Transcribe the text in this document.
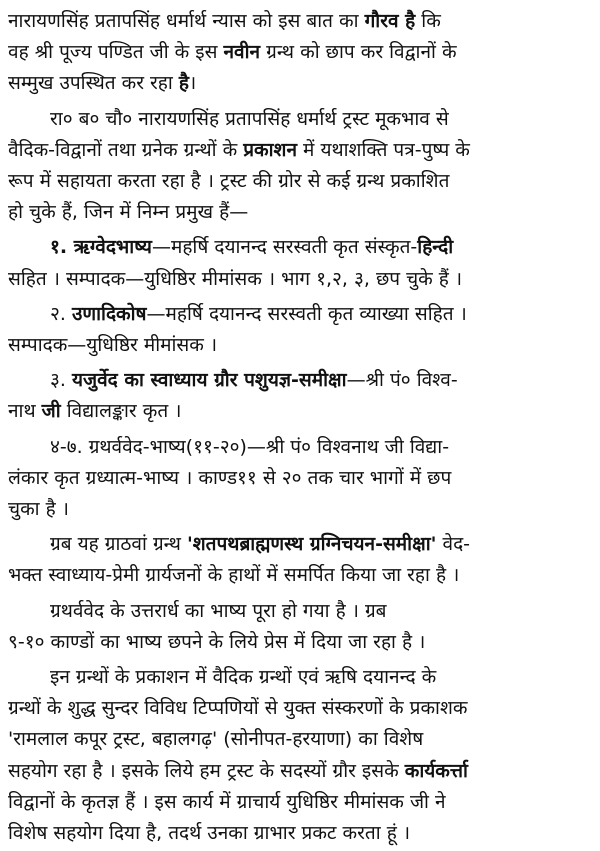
नारायणसिंह प्रतापसिंह धर्मार्थ न्यास को इस बात का गौरव है कि
वह श्री पूज्य पण्डित जी के इस नवीन ग्रन्थ को छाप कर विद्वानों के
सम्मुख उपस्थित कर रहा है।
रा० ब० चौ० नारायणसिंह प्रतापसिंह धर्मार्थ ट्रस्ट मूकभाव से
वैदिक-विद्वानों तथा ग्रनेक ग्रन्थों के प्रकाशन में यथाशक्ति पत्र-पुष्प के
रूप में सहायता करता रहा है । ट्रस्ट की ग्रोर से कई ग्रन्थ प्रकाशित
हो चुके हैं, जिन में निम्न प्रमुख हैं—
१. ऋग्वेदभाष्य—महर्षि दयानन्द सरस्वती कृत संस्कृत-हिन्दी
सहित । सम्पादक—युधिष्ठिर मीमांसक । भाग १,२, ३, छप चुके हैं ।
२. उणादिकोष—महर्षि दयानन्द सरस्वती कृत व्याख्या सहित ।
सम्पादक—युधिष्ठिर मीमांसक ।
३. यजुर्वेद का स्वाध्याय ग्रौर पशुयज्ञ-समीक्षा—श्री पं० विश्व-
नाथ जी विद्यालङ्कार कृत ।
४-७. ग्रथर्ववेद-भाष्य(११-२०)—श्री पं० विश्वनाथ जी विद्या-
लंकार कृत ग्रध्यात्म-भाष्य । काण्ड११ से २० तक चार भागों में छप
चुका है ।
ग्रब यह ग्राठवां ग्रन्थ 'शतपथब्राह्मणस्थ ग्रग्निचयन-समीक्षा' वेद-
भक्त स्वाध्याय-प्रेमी ग्रार्यजनों के हाथों में समर्पित किया जा रहा है ।
ग्रथर्ववेद के उत्तरार्ध का भाष्य पूरा हो गया है । ग्रब
९-१० काण्डों का भाष्य छपने के लिये प्रेस में दिया जा रहा है ।
इन ग्रन्थों के प्रकाशन में वैदिक ग्रन्थों एवं ऋषि दयानन्द के
ग्रन्थों के शुद्ध सुन्दर विविध टिप्पणियों से युक्त संस्करणों के प्रकाशक
'रामलाल कपूर ट्रस्ट, बहालगढ़' (सोनीपत-हरयाणा) का विशेष
सहयोग रहा है । इसके लिये हम ट्रस्ट के सदस्यों ग्रौर इसके कार्यकर्त्ता
विद्वानों के कृतज्ञ हैं । इस कार्य में ग्राचार्य युधिष्ठिर मीमांसक जी ने
विशेष सहयोग दिया है, तदर्थ उनका ग्राभार प्रकट करता हूं ।
